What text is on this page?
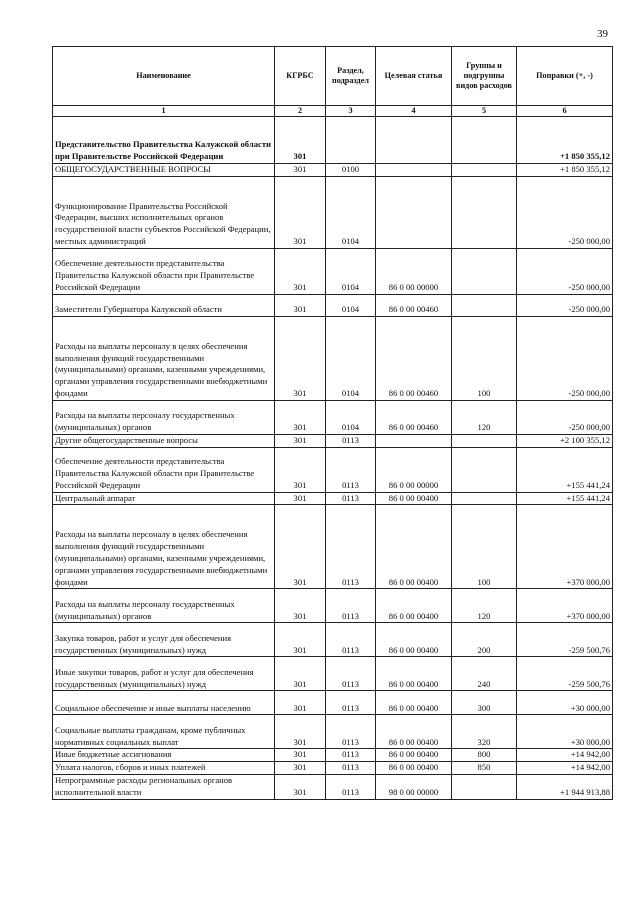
39
Наименование	КГРБС	Раздел, подраздел	Целевая статья	Группы и подгруппы видов расходов	Поправки (+, -)
1	2	3	4	5	6
Представительство Правительства Калужской области при Правительстве Российской Федерации	301				+1 850 355,12
ОБЩЕГОСУДАРСТВЕННЫЕ ВОПРОСЫ	301	0100			+1 850 355,12
Функционирование Правительства Российской Федерации, высших исполнительных органов государственной власти субъектов Российской Федерации, местных администраций	301	0104			-250 000,00
Обеспечение деятельности представительства Правительства Калужской области при Правительстве Российской Федерации	301	0104	86 0 00 00000		-250 000,00
Заместители Губернатора Калужской области	301	0104	86 0 00 00460		-250 000,00
Расходы на выплаты персоналу в целях обеспечения выполнения функций государственными (муниципальными) органами, казенными учреждениями, органами управления государственными внебюджетными фондами	301	0104	86 0 00 00460	100	-250 000,00
Расходы на выплаты персоналу государственных (муниципальных) органов	301	0104	86 0 00 00460	120	-250 000,00
Другие общегосударственные вопросы	301	0113			+2 100 355,12
Обеспечение деятельности представительства Правительства Калужской области при Правительстве Российской Федерации	301	0113	86 0 00 00000		+155 441,24
Центральный аппарат	301	0113	86 0 00 00400		+155 441,24
Расходы на выплаты персоналу в целях обеспечения выполнения функций государственными (муниципальными) органами, казенными учреждениями, органами управления государственными внебюджетными фондами	301	0113	86 0 00 00400	100	+370 000,00
Расходы на выплаты персоналу государственных (муниципальных) органов	301	0113	86 0 00 00400	120	+370 000,00
Закупка товаров, работ и услуг для обеспечения государственных (муниципальных) нужд	301	0113	86 0 00 00400	200	-259 500,76
Иные закупки товаров, работ и услуг для обеспечения государственных (муниципальных) нужд	301	0113	86 0 00 00400	240	-259 500,76
Социальное обеспечение и иные выплаты населению	301	0113	86 0 00 00400	300	+30 000,00
Социальные выплаты гражданам, кроме публичных нормативных социальных выплат	301	0113	86 0 00 00400	320	+30 000,00
Иные бюджетные ассигнования	301	0113	86 0 00 00400	800	+14 942,00
Уплата налогов, сборов и иных платежей	301	0113	86 0 00 00400	850	+14 942,00
Непрограммные расходы региональных органов исполнительной власти	301	0113	98 0 00 00000		+1 944 913,88
